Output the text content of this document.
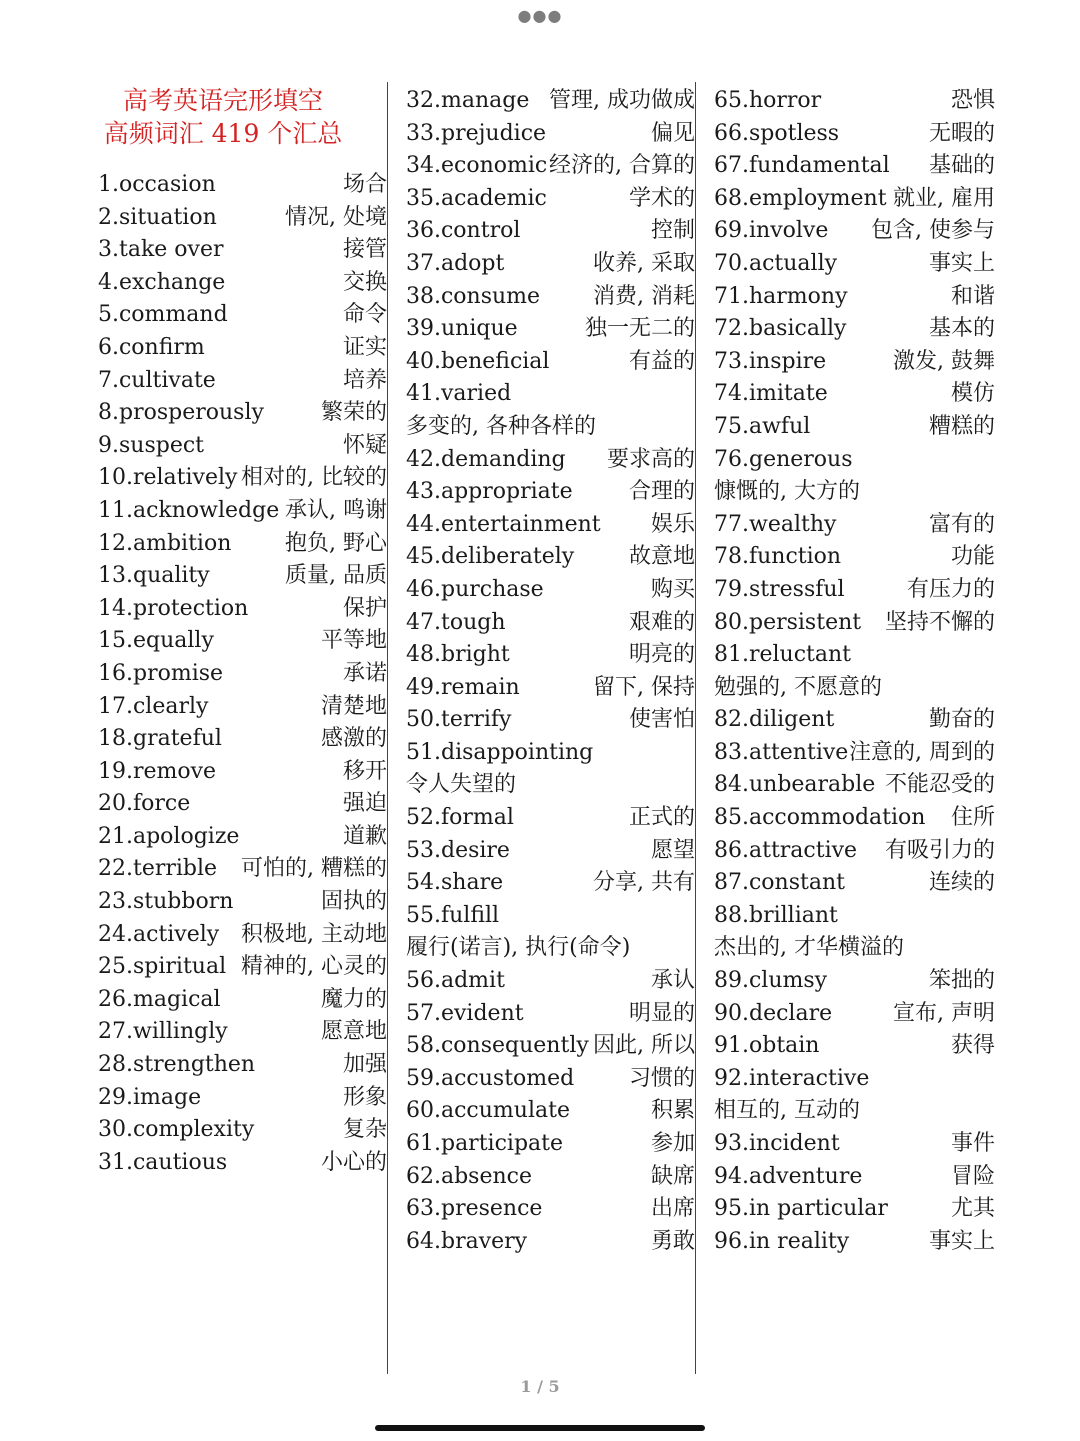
●●●
高考英语完形填空
高频词汇 419 个汇总
1.occasion	场合
2.situation	情况, 处境
3.take over	接管
4.exchange	交换
5.command	命令
6.confirm	证实
7.cultivate	培养
8.prosperously	繁荣的
9.suspect	怀疑
10.relatively 相对的, 比较的
11.acknowledge 承认, 鸣谢
12.ambition 抱负, 野心
13.quality	质量, 品质
14.protection	保护
15.equally	平等地
16.promise	承诺
17.clearly	清楚地
18.grateful	感激的
19.remove	移开
20.force	强迫
21.apologize	道歉
22.terrible 可怕的, 糟糕的
23.stubborn	固执的
24.actively 积极地, 主动地
25.spiritual 精神的, 心灵的
26.magical	魔力的
27.willingly	愿意地
28.strengthen	加强
29.image	形象
30.complexity	复杂
31.cautious	小心的
32.manage 管理, 成功做成
33.prejudice	偏见
34.economic 经济的, 合算的
35.academic	学术的
36.control	控制
37.adopt	收养, 采取
38.consume 消费, 消耗
39.unique	独一无二的
40.beneficial	有益的
41.varied
多变的, 各种各样的
42.demanding 要求高的
43.appropriate	合理的
44.entertainment 娱乐
45.deliberately 故意地
46.purchase	购买
47.tough	艰难的
48.bright	明亮的
49.remain	留下, 保持
50.terrify	使害怕
51.disappointing
令人失望的
52.formal	正式的
53.desire	愿望
54.share	分享, 共有
55.fulfill
履行(诺言), 执行(命令)
56.admit	承认
57.evident	明显的
58.consequently 因此, 所以
59.accustomed 习惯的
60.accumulate	积累
61.participate	参加
62.absence	缺席
63.presence	出席
64.bravery	勇敢
65.horror	恐惧
66.spotless	无暇的
67.fundamental 基础的
68.employment 就业, 雇用
69.involve 包含, 使参与
70.actually	事实上
71.harmony	和谐
72.basically	基本的
73.inspire	激发, 鼓舞
74.imitate	模仿
75.awful	糟糕的
76.generous
慷慨的, 大方的
77.wealthy	富有的
78.function	功能
79.stressful	有压力的
80.persistent 坚持不懈的
81.reluctant
勉强的, 不愿意的
82.diligent	勤奋的
83.attentive 注意的, 周到的
84.unbearable 不能忍受的
85.accommodation 住所
86.attractive 有吸引力的
87.constant	连续的
88.brilliant
杰出的, 才华横溢的
89.clumsy	笨拙的
90.declare	宣布, 声明
91.obtain	获得
92.interactive
相互的, 互动的
93.incident	事件
94.adventure	冒险
95.in particular	尤其
96.in reality	事实上
1 / 5
